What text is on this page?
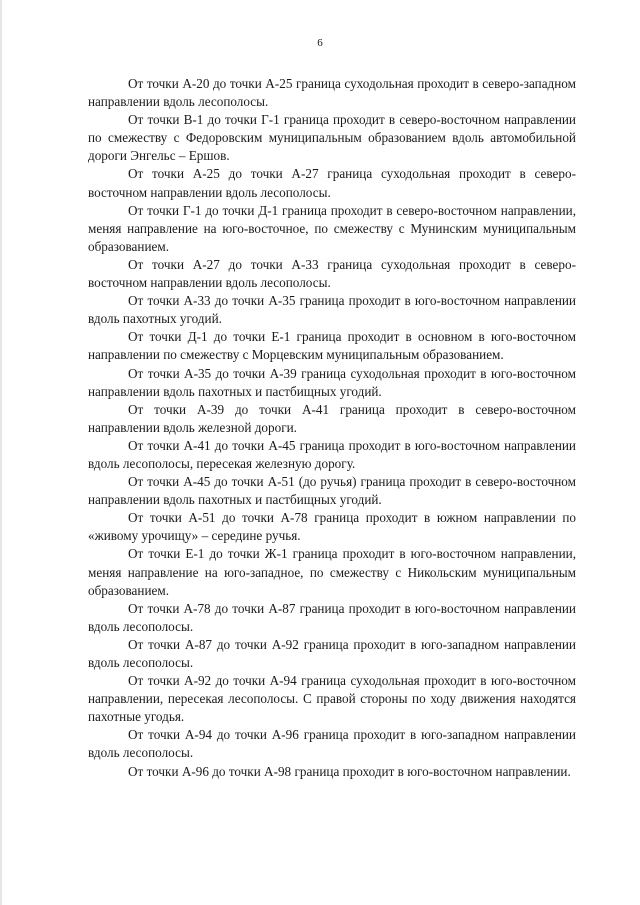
6

От точки А-20 до точки А-25 граница суходольная проходит в северо-западном направлении вдоль лесополосы.

От точки В-1 до точки Г-1 граница проходит в северо-восточном направлении по смежеству с Федоровским муниципальным образованием вдоль автомобильной дороги Энгельс – Ершов.

От точки А-25 до точки А-27 граница суходольная проходит в северо-восточном направлении вдоль лесополосы.

От точки Г-1 до точки Д-1 граница проходит в северо-восточном направлении, меняя направление на юго-восточное, по смежеству с Мунинским муниципальным образованием.

От точки А-27 до точки А-33 граница суходольная проходит в северо-восточном направлении вдоль лесополосы.

От точки А-33 до точки А-35 граница проходит в юго-восточном направлении вдоль пахотных угодий.

От точки Д-1 до точки Е-1 граница проходит в основном в юго-восточном направлении по смежеству с Морцевским муниципальным образованием.

От точки А-35 до точки А-39 граница суходольная проходит в юго-восточном направлении вдоль пахотных и пастбищных угодий.

От точки А-39 до точки А-41 граница проходит в северо-восточном направлении вдоль железной дороги.

От точки А-41 до точки А-45 граница проходит в юго-восточном направлении вдоль лесополосы, пересекая железную дорогу.

От точки А-45 до точки А-51 (до ручья) граница проходит в северо-восточном направлении вдоль пахотных и пастбищных угодий.

От точки А-51 до точки А-78 граница проходит в южном направлении по «живому урочищу» – середине ручья.

От точки Е-1 до точки Ж-1 граница проходит в юго-восточном направлении, меняя направление на юго-западное, по смежеству с Никольским муниципальным образованием.

От точки А-78 до точки А-87 граница проходит в юго-восточном направлении вдоль лесополосы.

От точки А-87 до точки А-92 граница проходит в юго-западном направлении вдоль лесополосы.

От точки А-92 до точки А-94 граница суходольная проходит в юго-восточном направлении, пересекая лесополосы. С правой стороны по ходу движения находятся пахотные угодья.

От точки А-94 до точки А-96 граница проходит в юго-западном направлении вдоль лесополосы.

От точки А-96 до точки А-98 граница проходит в юго-восточном направлении.
